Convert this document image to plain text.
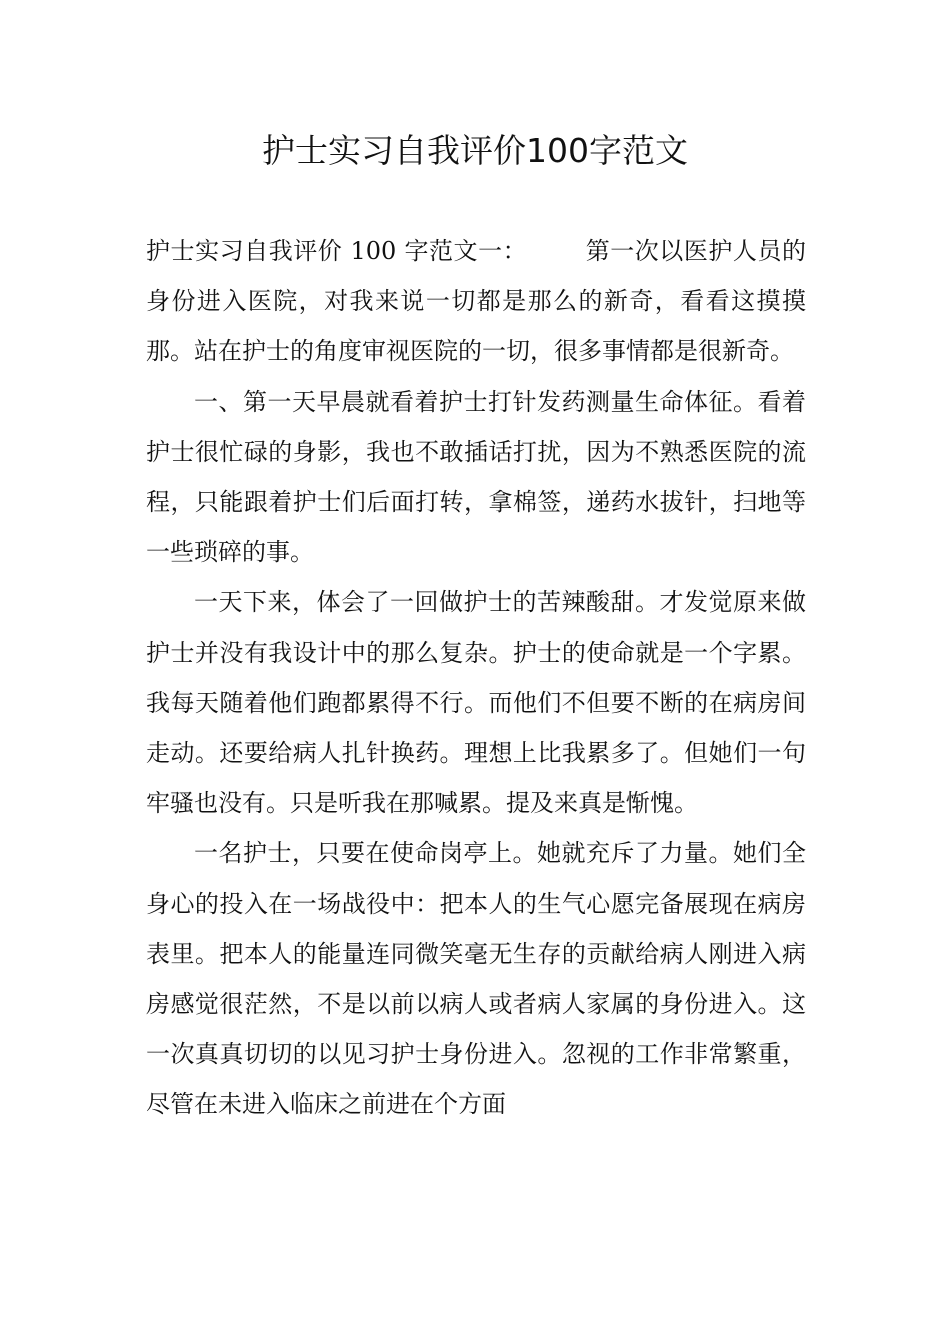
护士实习自我评价100字范文

护士实习自我评价 100 字范文一： 第一次以医护人员的身份进入医院，对我来说一切都是那么的新奇，看看这摸摸那。站在护士的角度审视医院的一切，很多事情都是很新奇。

一、第一天早晨就看着护士打针发药测量生命体征。看着护士很忙碌的身影，我也不敢插话打扰，因为不熟悉医院的流程，只能跟着护士们后面打转，拿棉签，递药水拔针，扫地等一些琐碎的事。

一天下来，体会了一回做护士的苦辣酸甜。才发觉原来做护士并没有我设计中的那么复杂。护士的使命就是一个字累。我每天随着他们跑都累得不行。而他们不但要不断的在病房间走动。还要给病人扎针换药。理想上比我累多了。但她们一句牢骚也没有。只是听我在那喊累。提及来真是惭愧。

一名护士，只要在使命岗亭上。她就充斥了力量。她们全身心的投入在一场战役中：把本人的生气心愿完备展现在病房表里。把本人的能量连同微笑毫无生存的贡献给病人刚进入病房感觉很茫然，不是以前以病人或者病人家属的身份进入。这一次真真切切的以见习护士身份进入。忽视的工作非常繁重，尽管在未进入临床之前进在个方面
